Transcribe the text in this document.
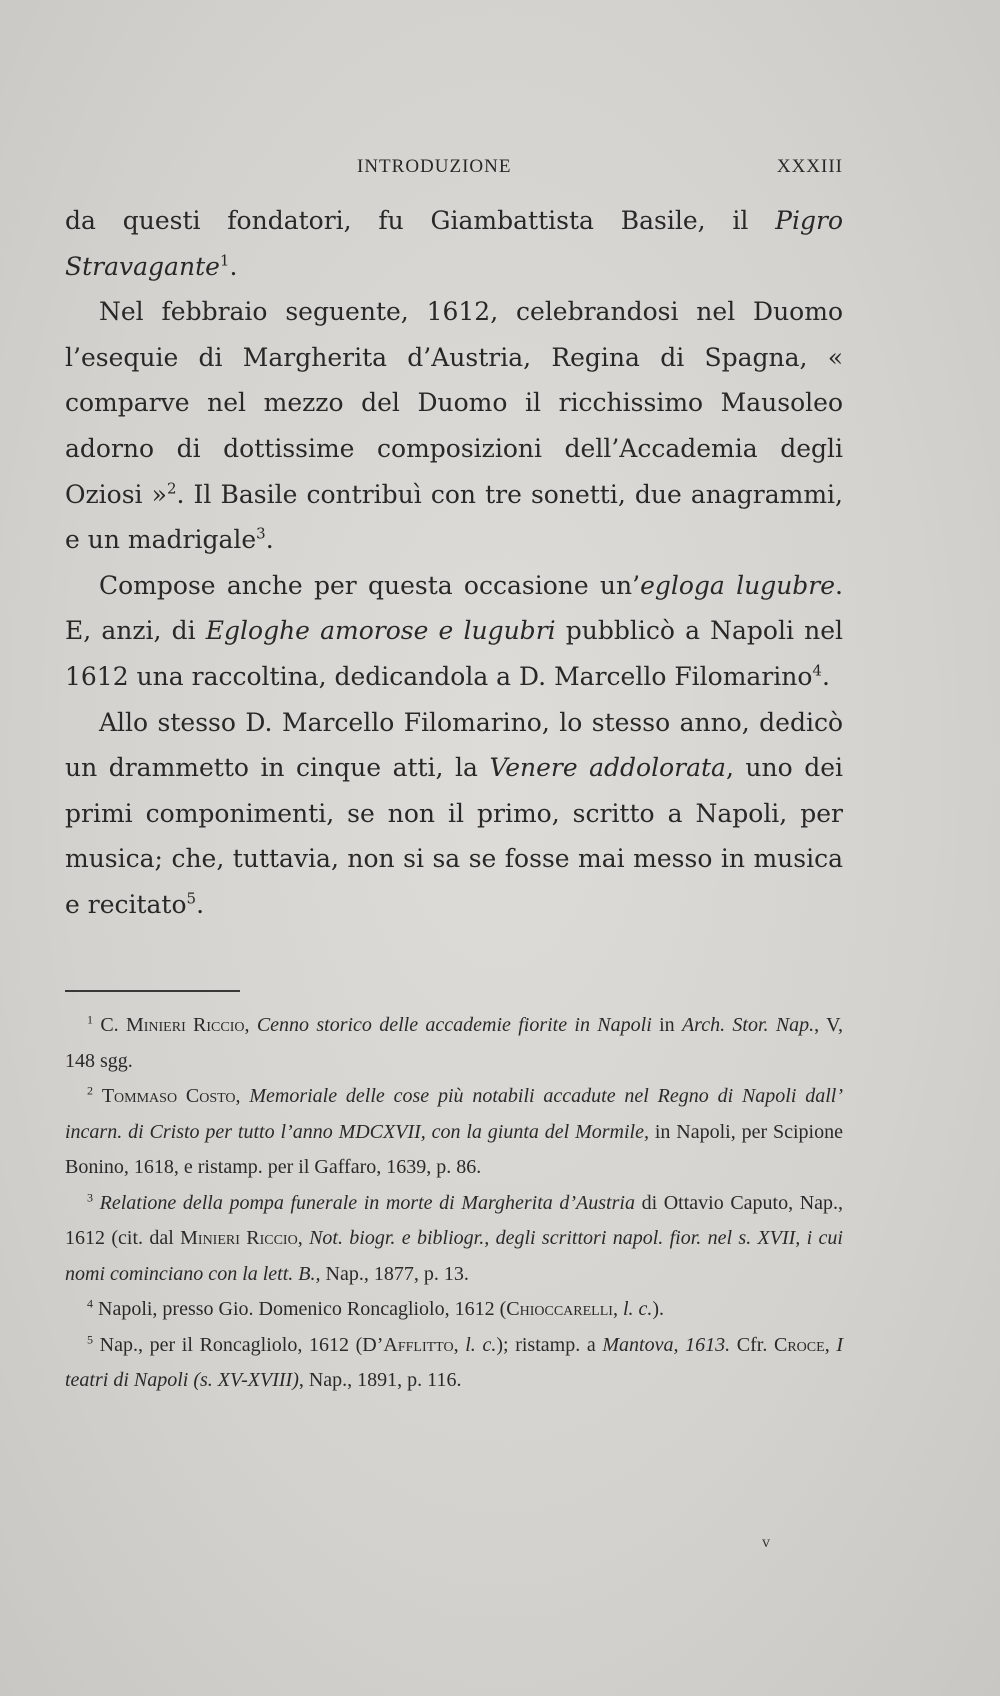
INTRODUZIONE	XXXIII

da questi fondatori, fu Giambattista Basile, il Pigro Stravagante$^1$.

Nel febbraio seguente, 1612, celebrandosi nel Duomo l’esequie di Margherita d’Austria, Regina di Spagna, « comparve nel mezzo del Duomo il ricchissimo Mausoleo adorno di dottissime composizioni dell’Accademia degli Oziosi »$^2$. Il Basile contribuì con tre sonetti, due anagrammi, e un madrigale$^3$.

Compose anche per questa occasione un’egloga lugubre. E, anzi, di Egloghe amorose e lugubri pubblicò a Napoli nel 1612 una raccoltina, dedicandola a D. Marcello Filomarino$^4$.

Allo stesso D. Marcello Filomarino, lo stesso anno, dedicò un drammetto in cinque atti, la Venere addolorata, uno dei primi componimenti, se non il primo, scritto a Napoli, per musica; che, tuttavia, non si sa se fosse mai messo in musica e recitato$^5$.

$^1$ C. Minieri Riccio, Cenno storico delle accademie fiorite in Napoli in Arch. Stor. Nap., V, 148 sgg.

$^2$ Tommaso Costo, Memoriale delle cose più notabili accadute nel Regno di Napoli dall’ incarn. di Cristo per tutto l’anno MDCXVII, con la giunta del Mormile, in Napoli, per Scipione Bonino, 1618, e ristamp. per il Gaffaro, 1639, p. 86.

$^3$ Relatione della pompa funerale in morte di Margherita d’Austria di Ottavio Caputo, Nap., 1612 (cit. dal Minieri Riccio, Not. biogr. e bibliogr., degli scrittori napol. fior. nel s. XVII, i cui nomi cominciano con la lett. B., Nap., 1877, p. 13.

$^4$ Napoli, presso Gio. Domenico Roncagliolo, 1612 (Chioccarelli, l. c.).

$^5$ Nap., per il Roncagliolo, 1612 (D’Afflitto, l. c.); ristamp. a Mantova, 1613. Cfr. Croce, I teatri di Napoli (s. XV-XVIII), Nap., 1891, p. 116.

v
